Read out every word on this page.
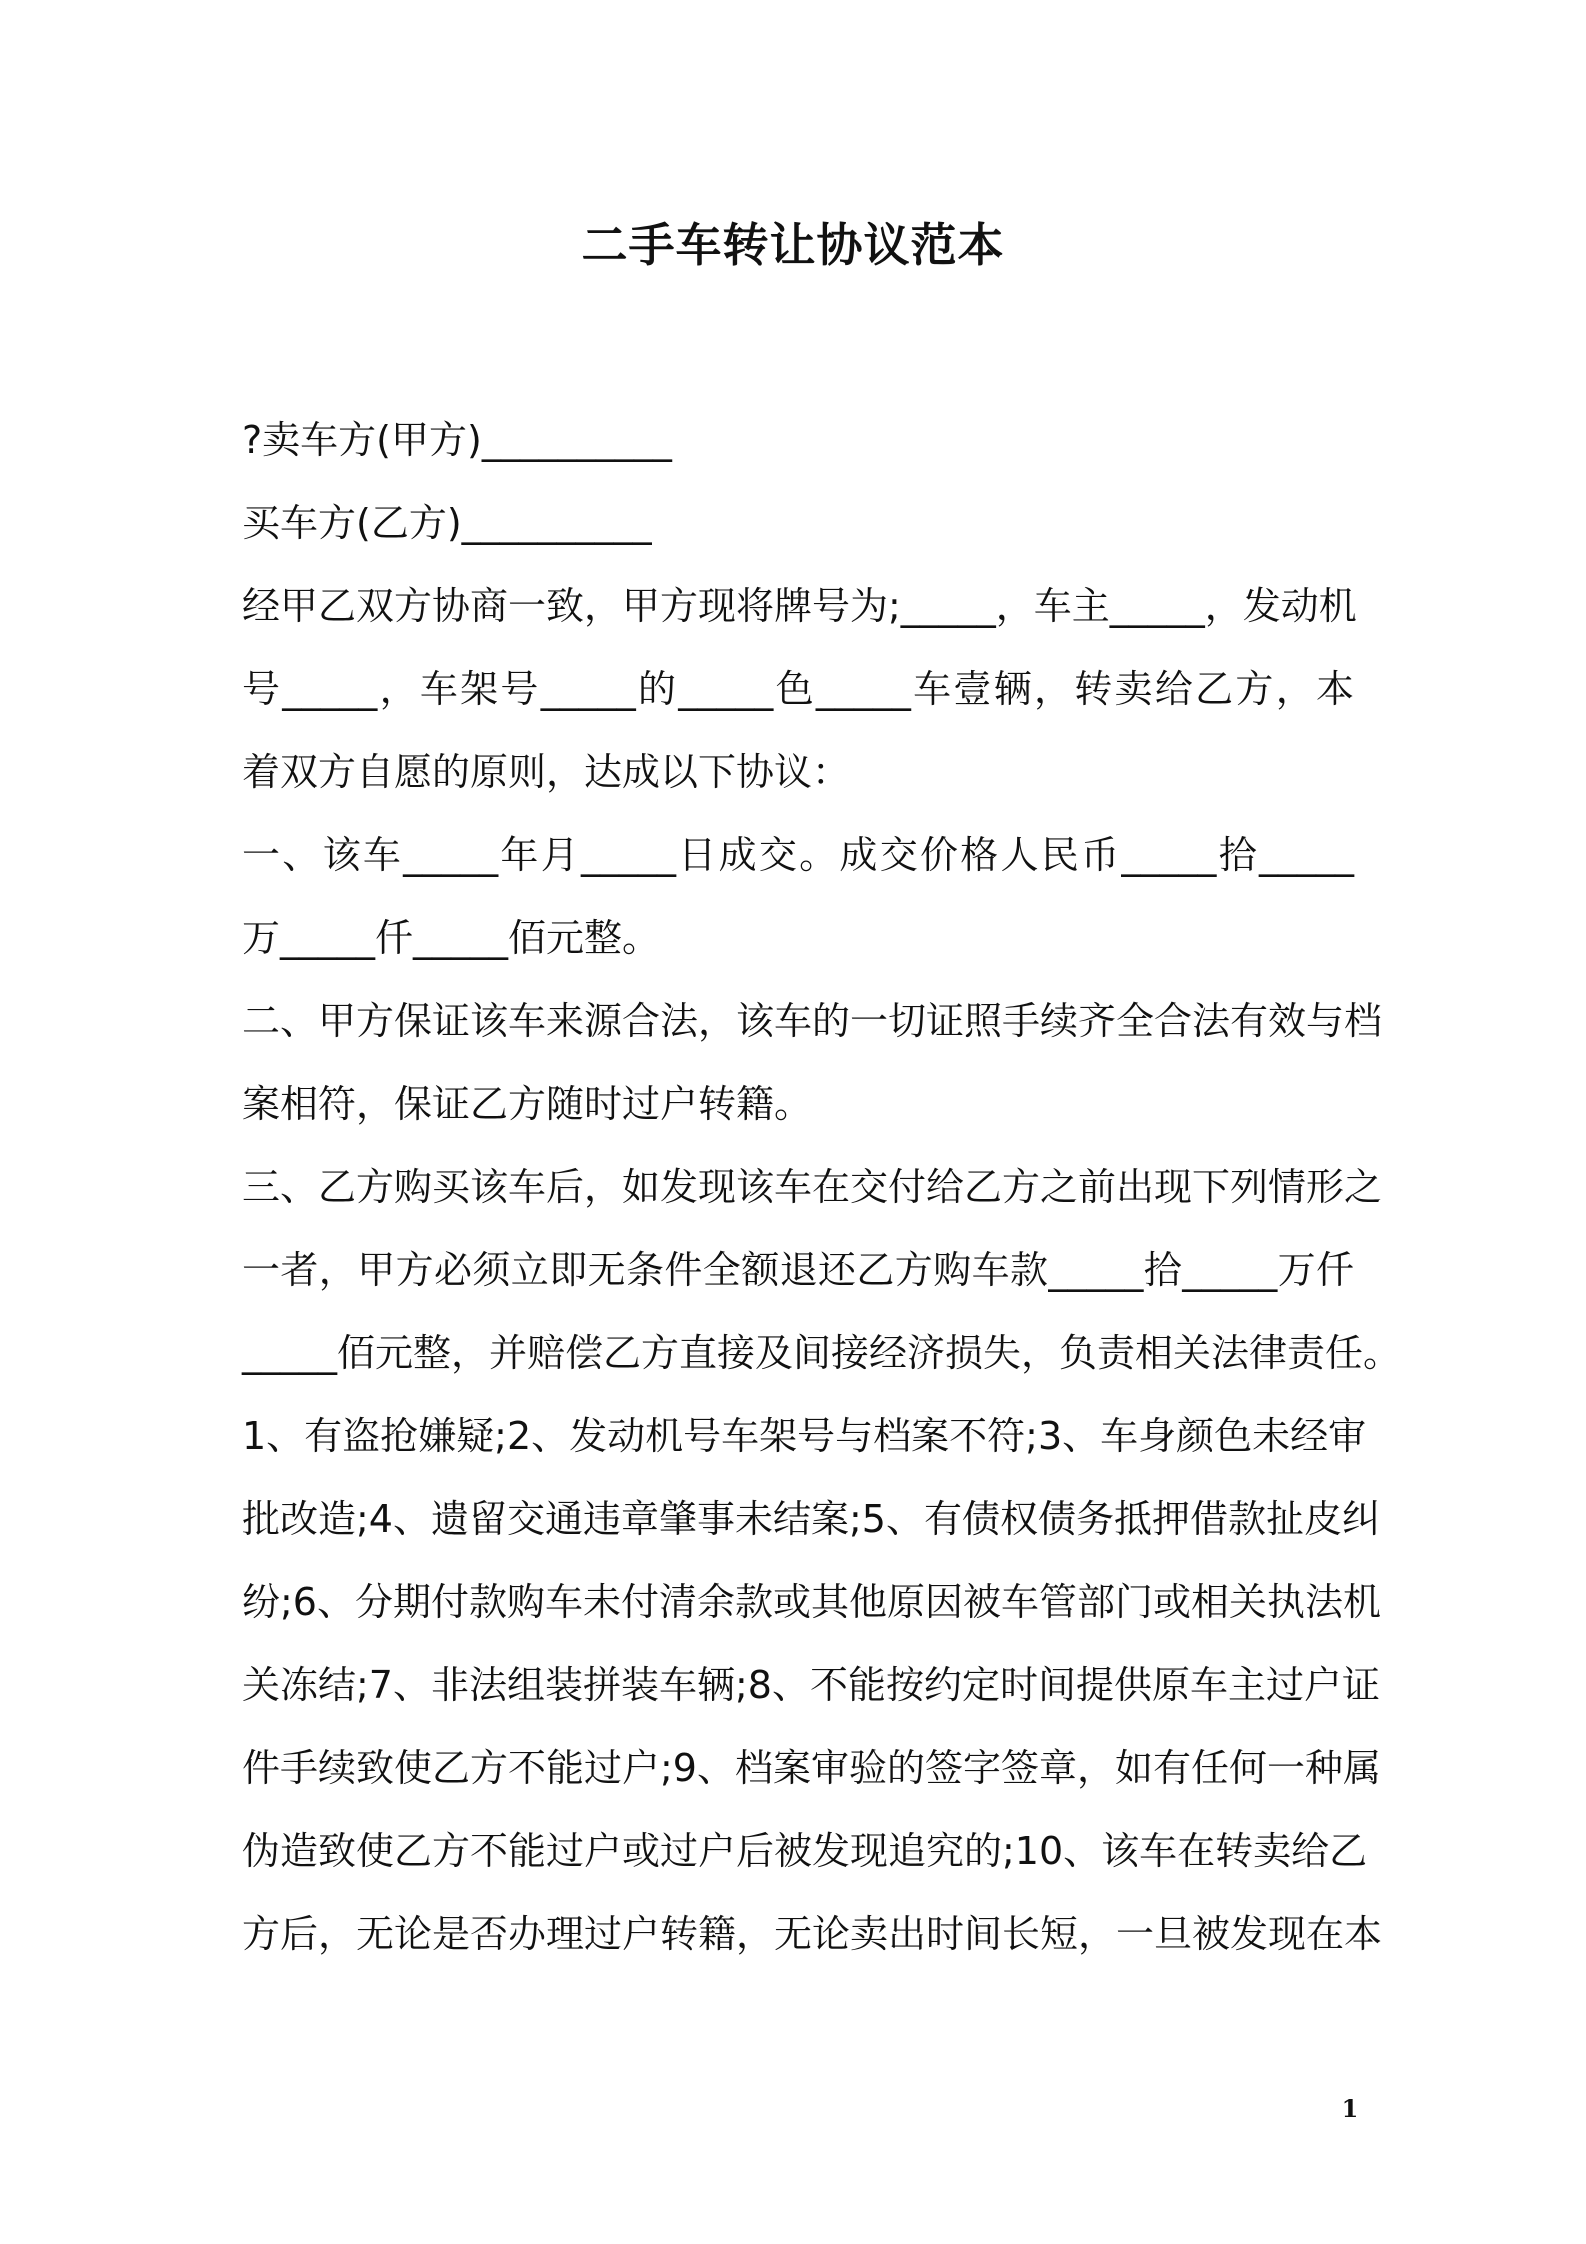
二手车转让协议范本
?卖车方(甲方)__________
买车方(乙方)__________
经甲乙双方协商一致，甲方现将牌号为;_____，车主_____，发动机
号_____，车架号_____的_____色_____车壹辆，转卖给乙方，本
着双方自愿的原则，达成以下协议：
一、该车_____年月_____日成交。成交价格人民币_____拾_____
万_____仟_____佰元整。
二、甲方保证该车来源合法，该车的一切证照手续齐全合法有效与档
案相符，保证乙方随时过户转籍。
三、乙方购买该车后，如发现该车在交付给乙方之前出现下列情形之
一者，甲方必须立即无条件全额退还乙方购车款_____拾_____万仟
_____佰元整，并赔偿乙方直接及间接经济损失，负责相关法律责任。
1、有盗抢嫌疑;2、发动机号车架号与档案不符;3、车身颜色未经审
批改造;4、遗留交通违章肇事未结案;5、有债权债务抵押借款扯皮纠
纷;6、分期付款购车未付清余款或其他原因被车管部门或相关执法机
关冻结;7、非法组装拼装车辆;8、不能按约定时间提供原车主过户证
件手续致使乙方不能过户;9、档案审验的签字签章，如有任何一种属
伪造致使乙方不能过户或过户后被发现追究的;10、该车在转卖给乙
方后，无论是否办理过户转籍，无论卖出时间长短，一旦被发现在本
1
